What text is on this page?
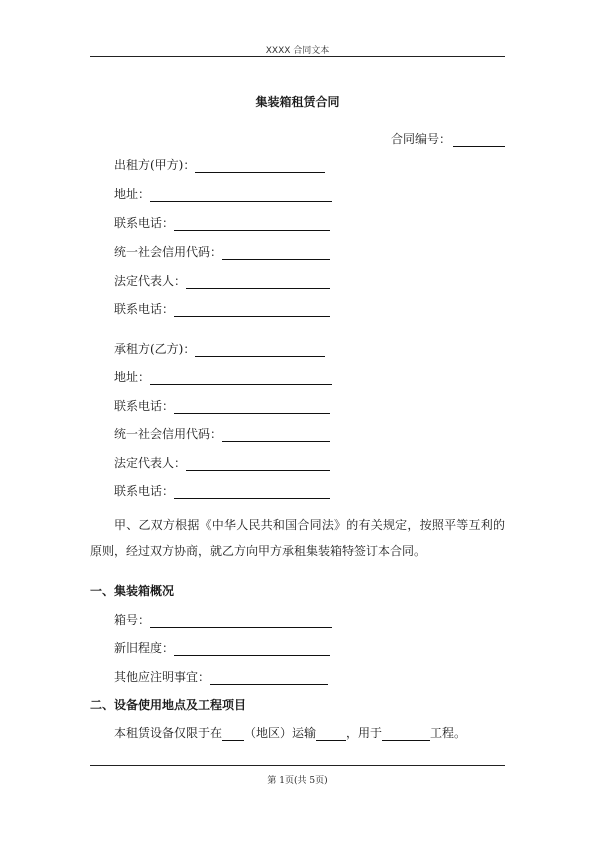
XXXX 合同文本
集装箱租赁合同
合同编号：
出租方(甲方)：
地址：
联系电话：
统一社会信用代码：
法定代表人：
联系电话：
承租方(乙方)：
地址：
联系电话：
统一社会信用代码：
法定代表人：
联系电话：
甲、乙双方根据《中华人民共和国合同法》的有关规定，按照平等互利的原则，经过双方协商，就乙方向甲方承租集装箱特签订本合同。
一、集装箱概况
箱号：
新旧程度：
其他应注明事宜：
二、设备使用地点及工程项目
本租赁设备仅限于在 （地区）运输	，用于	工程。
第 1页(共 5页)
